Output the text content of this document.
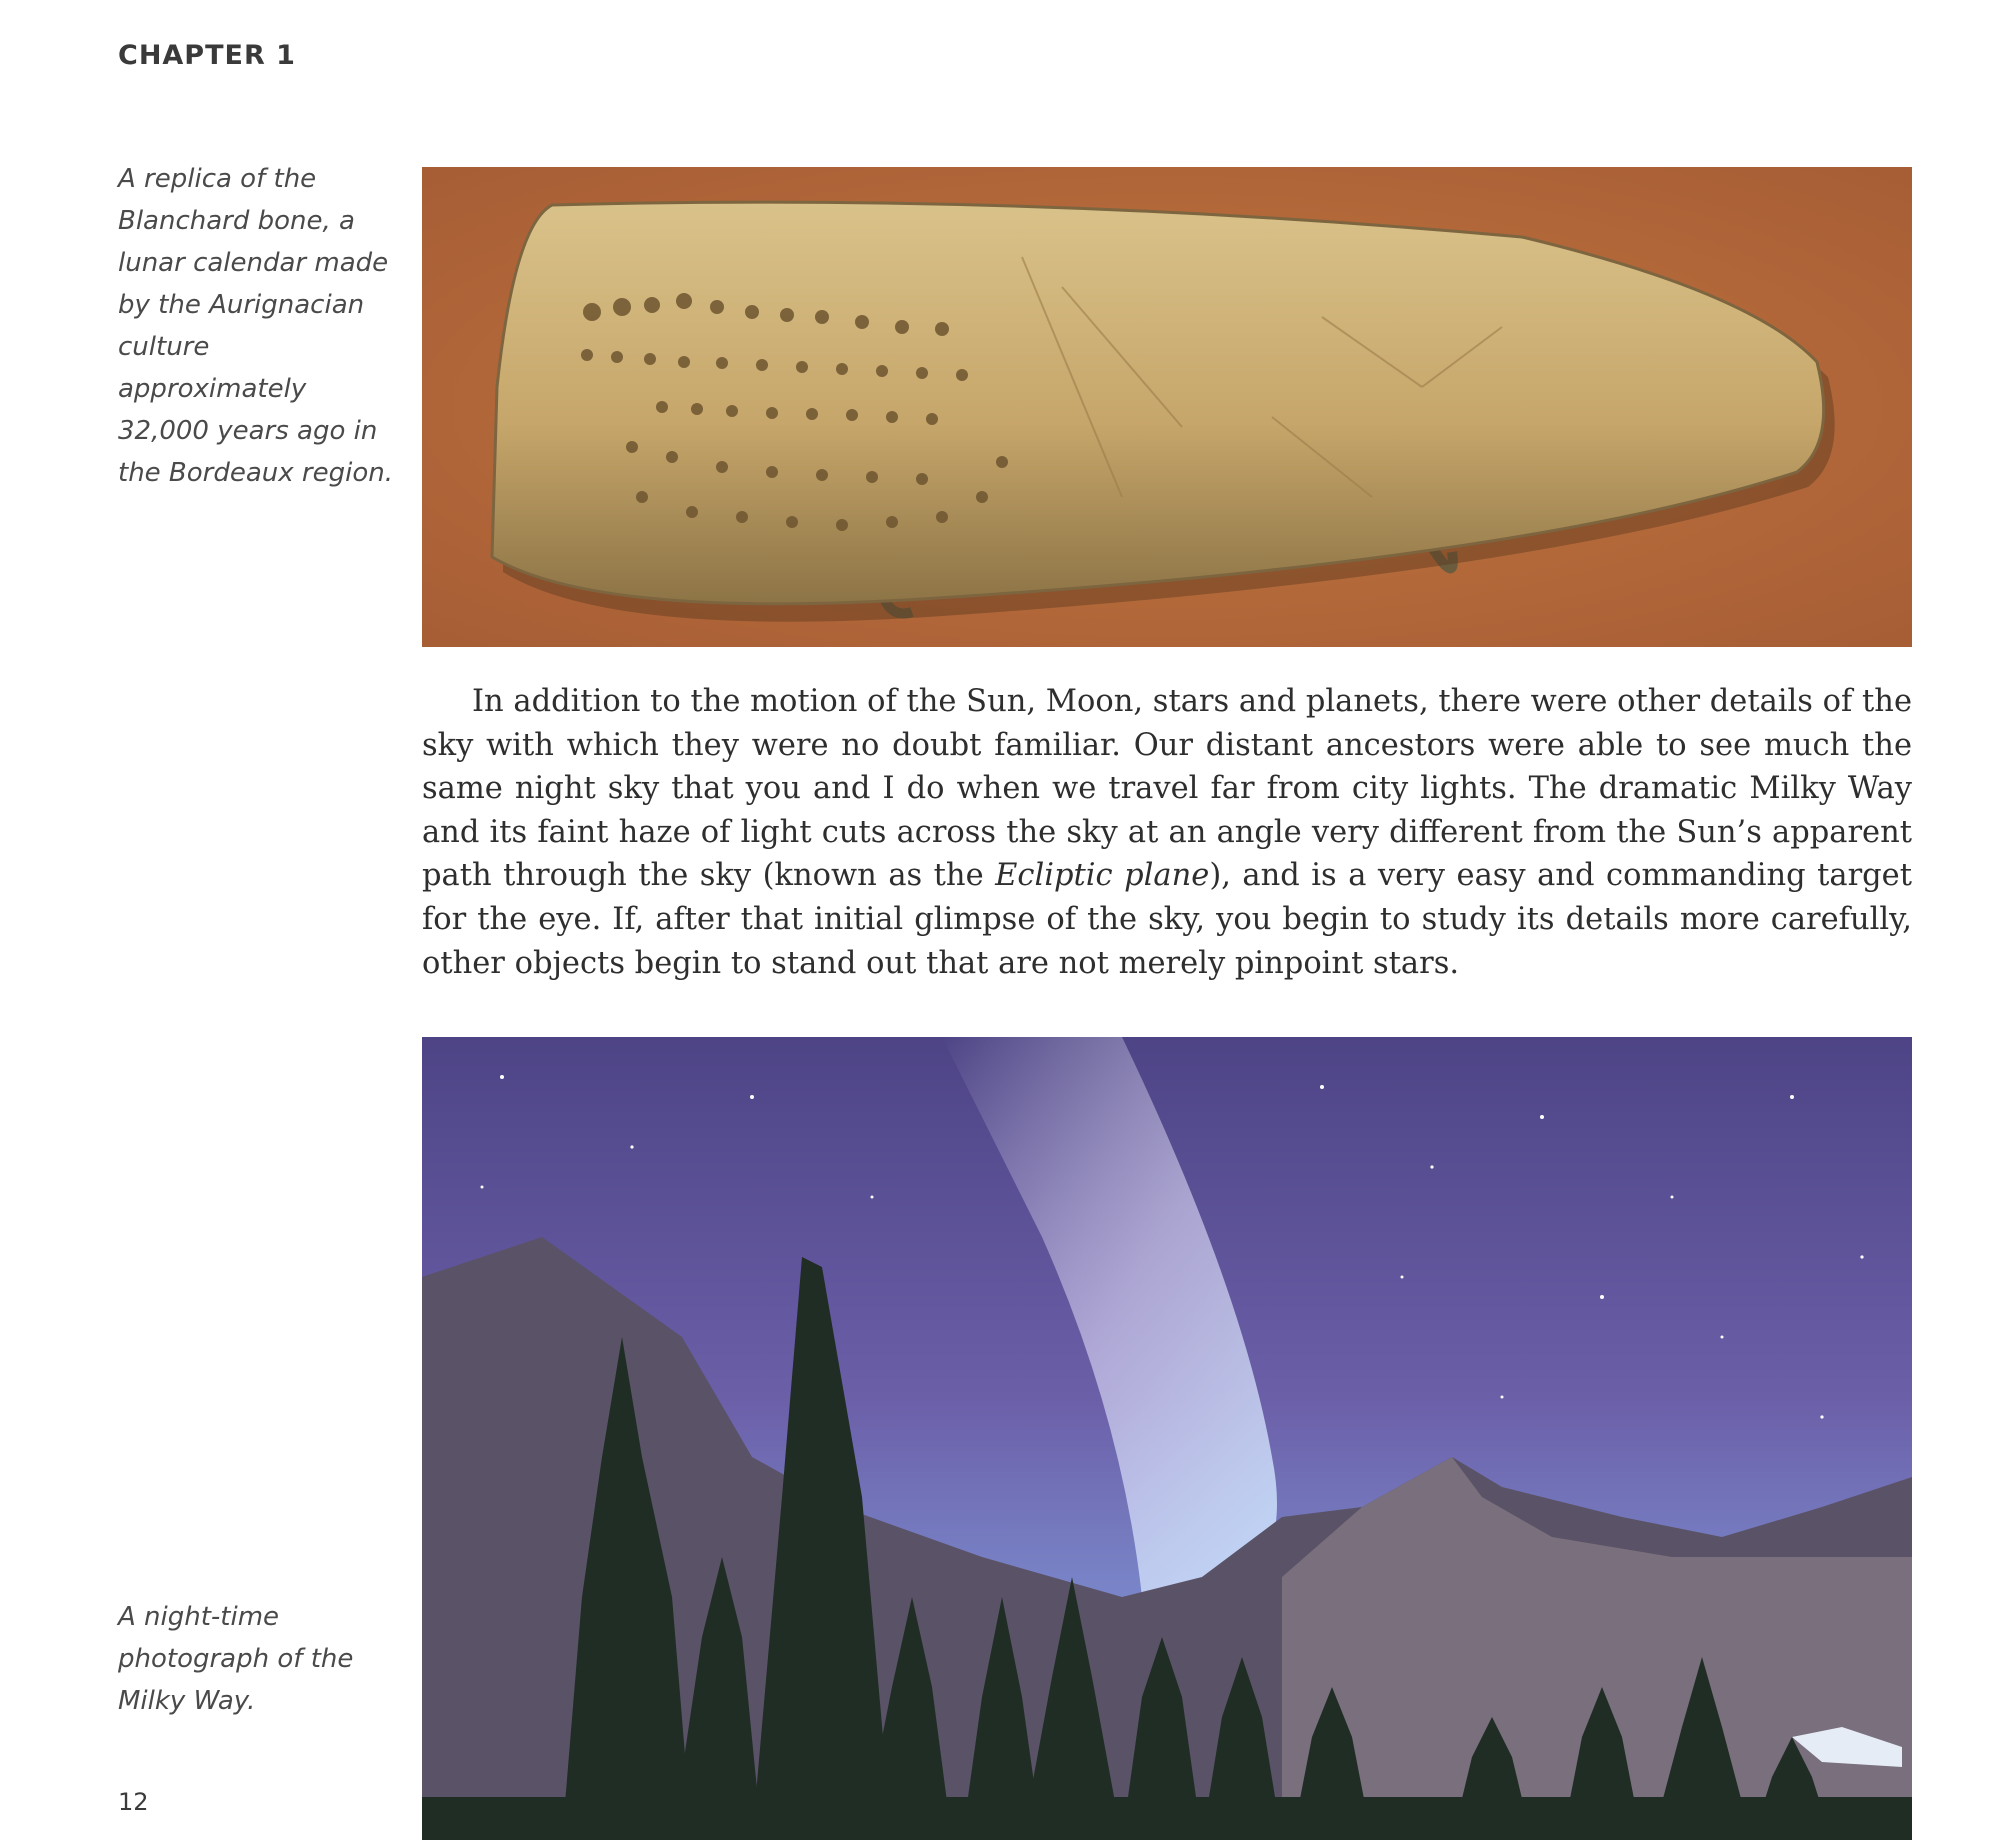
CHAPTER 1
A replica of the Blanchard bone, a lunar calendar made by the Aurignacian culture approximately 32,000 years ago in the Bordeaux region.

In addition to the motion of the Sun, Moon, stars and planets, there were other details of the sky with which they were no doubt familiar. Our distant ancestors were able to see much the same night sky that you and I do when we travel far from city lights. The dramatic Milky Way and its faint haze of light cuts across the sky at an angle very different from the Sun’s apparent path through the sky (known as the Ecliptic plane), and is a very easy and commanding target for the eye. If, after that initial glimpse of the sky, you begin to study its details more carefully, other objects begin to stand out that are not merely pinpoint stars.

A night-time photograph of the Milky Way.
12
